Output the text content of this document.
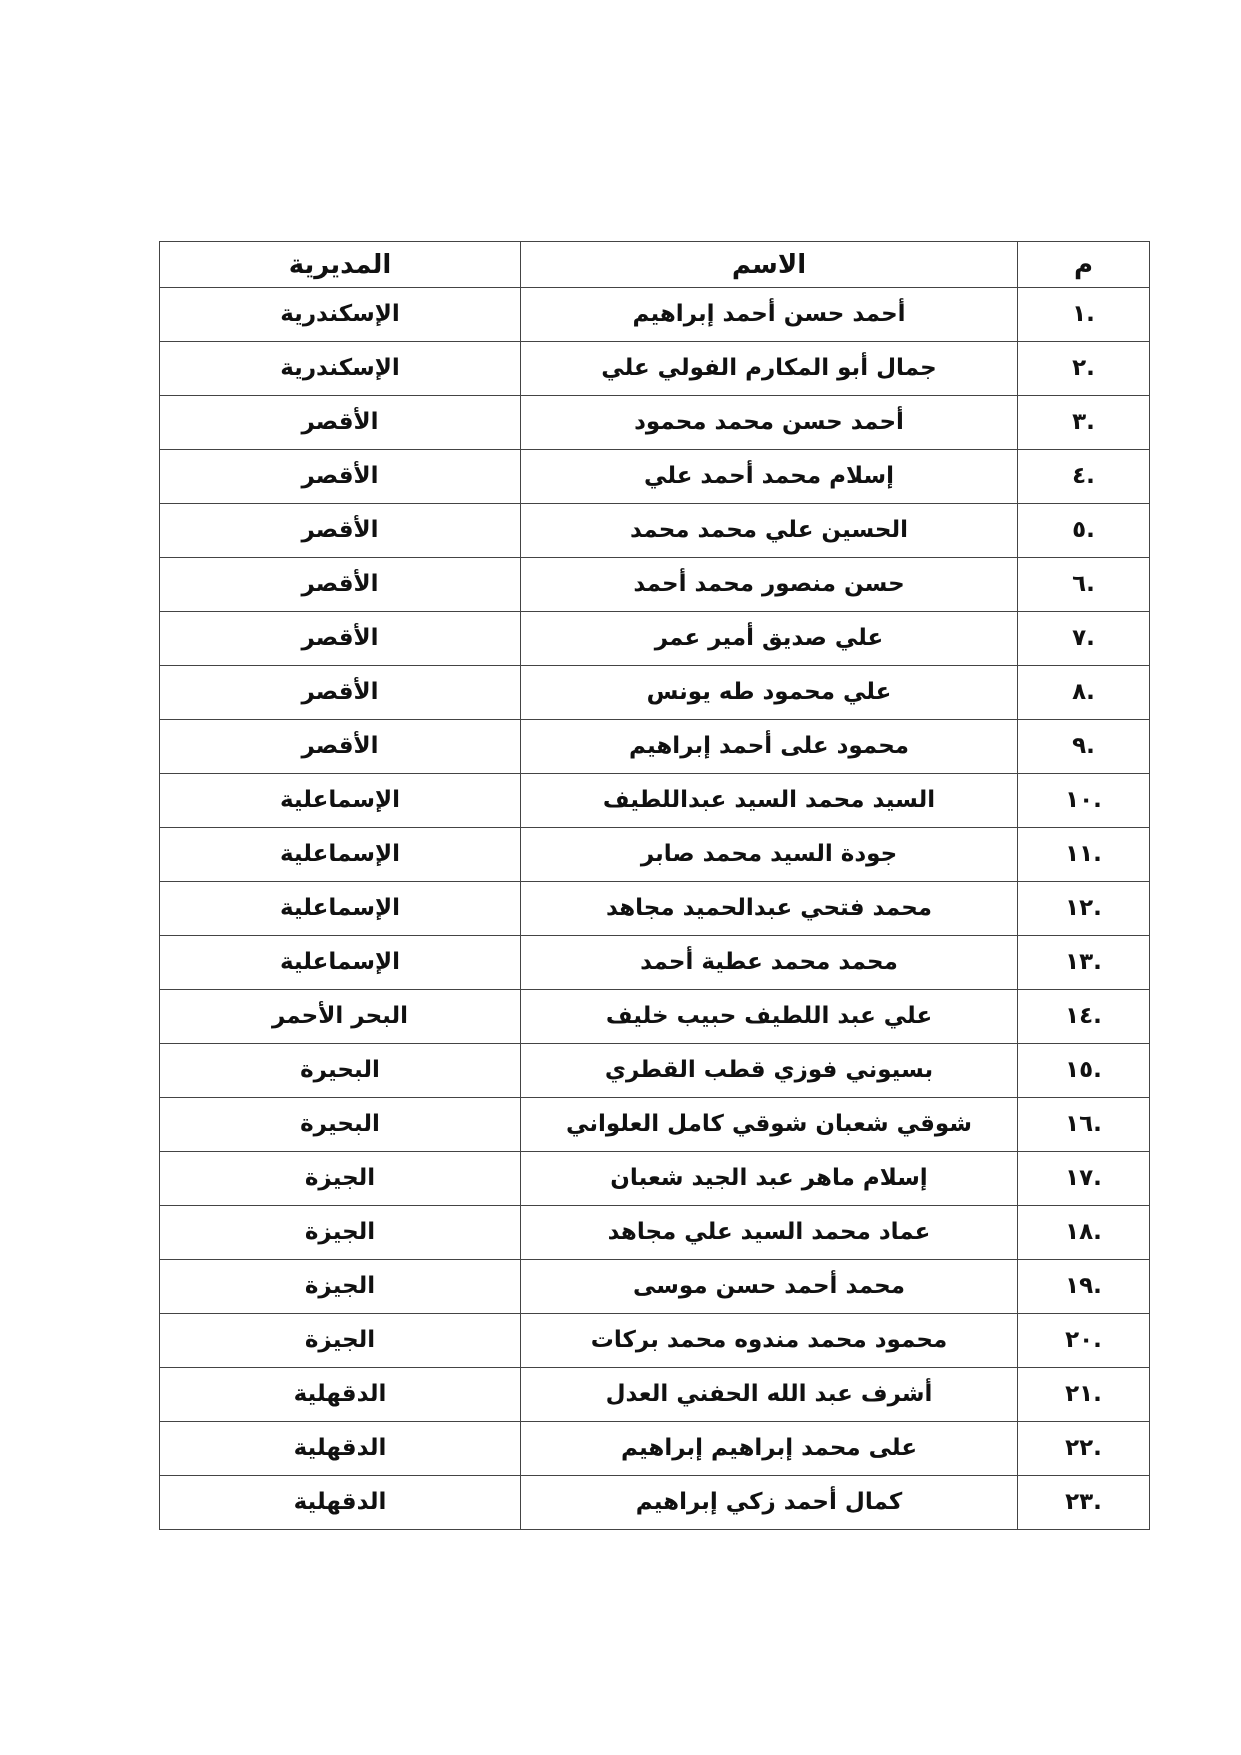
م	الاسم	المديرية
.١	أحمد حسن أحمد إبراهيم	الإسكندرية
.٢	جمال أبو المكارم الفولي علي	الإسكندرية
.٣	أحمد حسن محمد محمود	الأقصر
.٤	إسلام محمد أحمد علي	الأقصر
.٥	الحسين علي محمد محمد	الأقصر
.٦	حسن منصور محمد أحمد	الأقصر
.٧	علي صديق أمير عمر	الأقصر
.٨	علي محمود طه يونس	الأقصر
.٩	محمود على أحمد إبراهيم	الأقصر
.١٠	السيد محمد السيد عبداللطيف	الإسماعلية
.١١	جودة السيد محمد صابر	الإسماعلية
.١٢	محمد فتحي عبدالحميد مجاهد	الإسماعلية
.١٣	محمد محمد عطية أحمد	الإسماعلية
.١٤	علي عبد اللطيف حبيب خليف	البحر الأحمر
.١٥	بسيوني فوزي قطب القطري	البحيرة
.١٦	شوقي شعبان شوقي كامل العلواني	البحيرة
.١٧	إسلام ماهر عبد الجيد شعبان	الجيزة
.١٨	عماد محمد السيد علي مجاهد	الجيزة
.١٩	محمد أحمد حسن موسى	الجيزة
.٢٠	محمود محمد مندوه محمد بركات	الجيزة
.٢١	أشرف عبد الله الحفني العدل	الدقهلية
.٢٢	على محمد إبراهيم إبراهيم	الدقهلية
.٢٣	كمال أحمد زكي إبراهيم	الدقهلية
